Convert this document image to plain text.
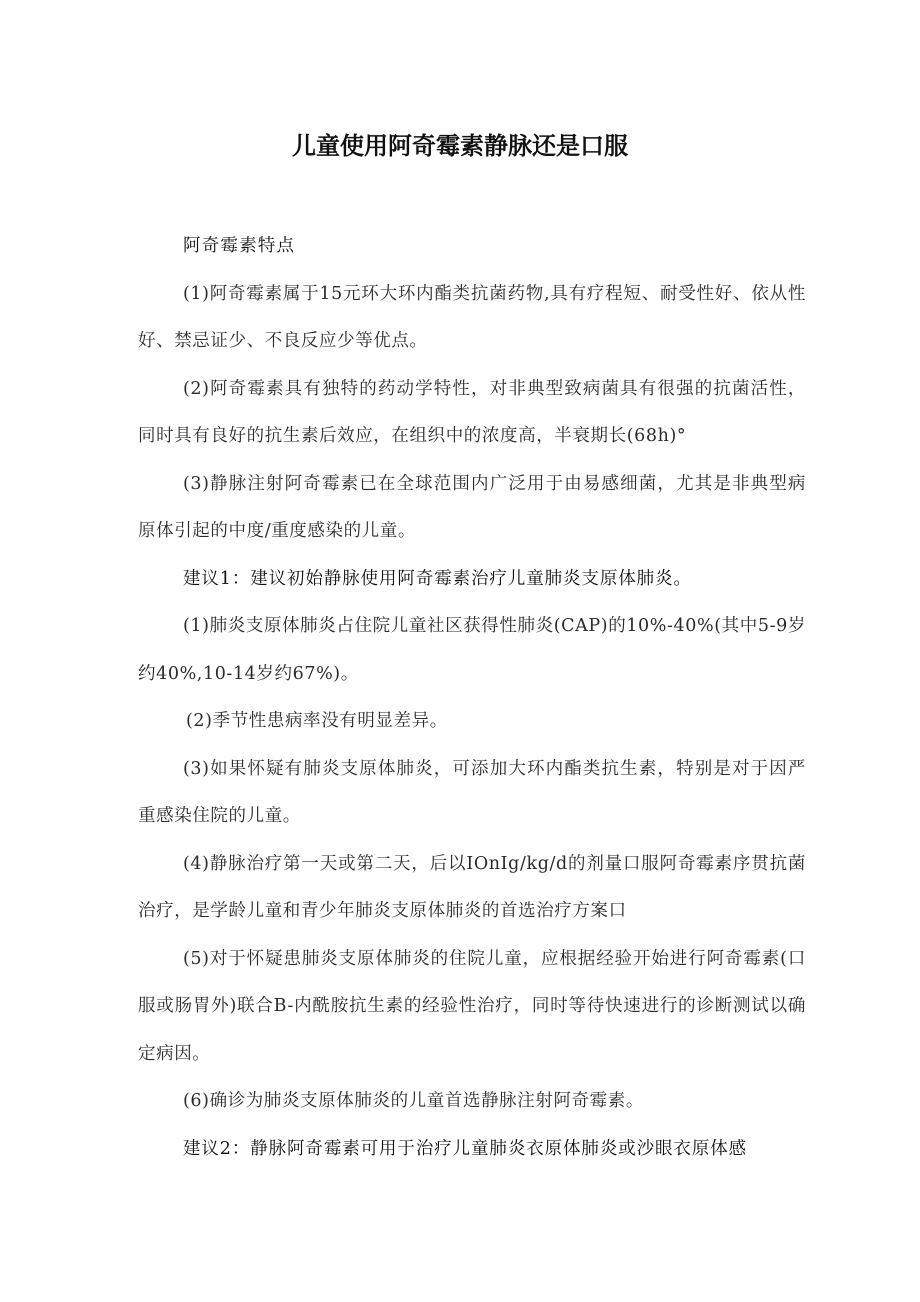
儿童使用阿奇霉素静脉还是口服

阿奇霉素特点

(1)阿奇霉素属于15元环大环内酯类抗菌药物,具有疗程短、耐受性好、依从性好、禁忌证少、不良反应少等优点。

(2)阿奇霉素具有独特的药动学特性，对非典型致病菌具有很强的抗菌活性，同时具有良好的抗生素后效应，在组织中的浓度高，半衰期长(68h)°

(3)静脉注射阿奇霉素已在全球范围内广泛用于由易感细菌，尤其是非典型病原体引起的中度/重度感染的儿童。

建议1：建议初始静脉使用阿奇霉素治疗儿童肺炎支原体肺炎。

(1)肺炎支原体肺炎占住院儿童社区获得性肺炎(CAP)的10%-40%(其中5-9岁约40%,10-14岁约67%)。

(2)季节性患病率没有明显差异。

(3)如果怀疑有肺炎支原体肺炎，可添加大环内酯类抗生素，特别是对于因严重感染住院的儿童。

(4)静脉治疗第一天或第二天，后以IOnIg/kg/d的剂量口服阿奇霉素序贯抗菌治疗，是学龄儿童和青少年肺炎支原体肺炎的首选治疗方案口

(5)对于怀疑患肺炎支原体肺炎的住院儿童，应根据经验开始进行阿奇霉素(口服或肠胃外)联合B-内酰胺抗生素的经验性治疗，同时等待快速进行的诊断测试以确定病因。

(6)确诊为肺炎支原体肺炎的儿童首选静脉注射阿奇霉素。

建议2：静脉阿奇霉素可用于治疗儿童肺炎衣原体肺炎或沙眼衣原体感
